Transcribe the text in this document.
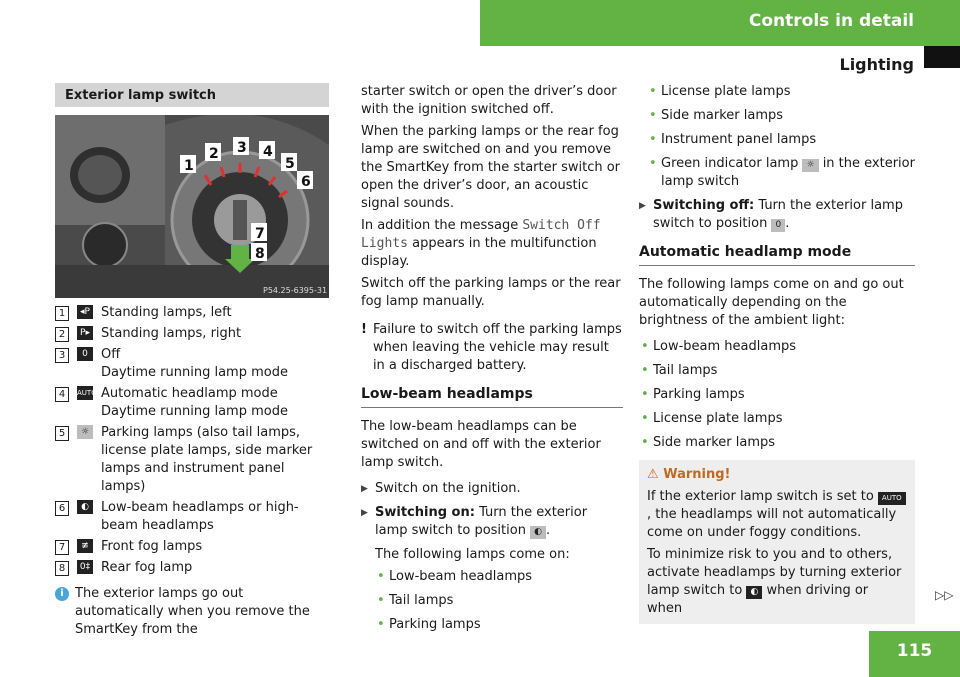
Controls in detail
Lighting
Exterior lamp switch
1
2 3 4
5
6
7
8
P54.25-6395-31
1	◂P Standing lamps, left
2	P▸ Standing lamps, right
3	0	Off
Daytime running lamp mode
4	AUTO Automatic headlamp mode
Daytime running lamp mode
5	☼ Parking lamps (also tail lamps, license plate lamps, side marker lamps and instrument panel lamps)
6	◐ Low-beam headlamps or high-beam headlamps
7	≢ Front fog lamps
8	0‡ Rear fog lamp
i The exterior lamps go out automatically when you remove the SmartKey from the

starter switch or open the driver’s door with the ignition switched off.

When the parking lamps or the rear fog lamp are switched on and you remove the SmartKey from the starter switch or open the driver’s door, an acoustic signal sounds.

In addition the message Switch Off Lights appears in the multifunction display.

Switch off the parking lamps or the rear fog lamp manually.

! Failure to switch off the parking lamps when leaving the vehicle may result in a discharged battery.
Low-beam headlamps

The low-beam headlamps can be switched on and off with the exterior lamp switch.

▶ Switch on the ignition.
▶ Switching on: Turn the exterior lamp switch to position ◐ .

The following lamps come on:

• Low-beam headlamps
• Tail lamps
• Parking lamps
• License plate lamps
• Side marker lamps
• Instrument panel lamps
• Green indicator lamp ☼ in the exterior lamp switch
▶ Switching off: Turn the exterior lamp switch to position 0 .
Automatic headlamp mode

The following lamps come on and go out automatically depending on the brightness of the ambient light:

• Low-beam headlamps
• Tail lamps
• Parking lamps
• License plate lamps
• Side marker lamps
⚠ Warning!

If the exterior lamp switch is set to AUTO, the headlamps will not automatically come on under foggy conditions.

To minimize risk to you and to others, activate headlamps by turning exterior lamp switch to ◐ when driving or when

▷▷
115
